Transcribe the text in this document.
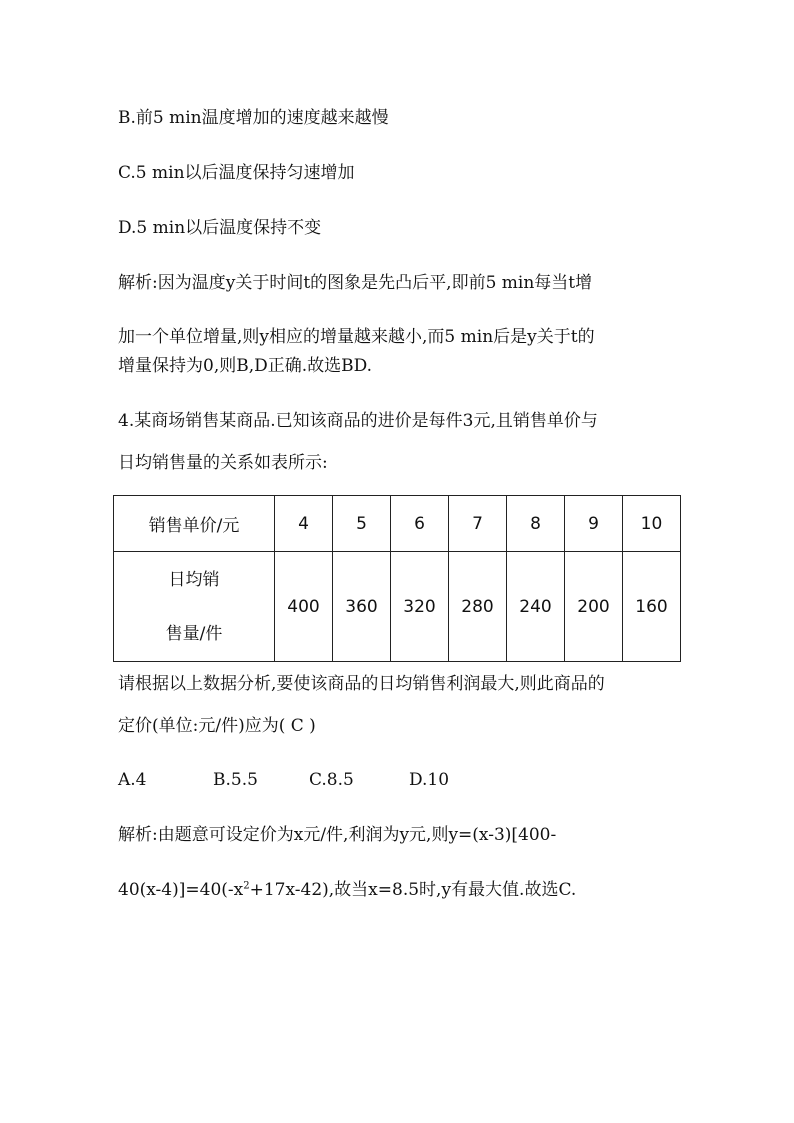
B.前5 min温度增加的速度越来越慢
C.5 min以后温度保持匀速增加
D.5 min以后温度保持不变
解析:因为温度y关于时间t的图象是先凸后平,即前5 min每当t增
加一个单位增量,则y相应的增量越来越小,而5 min后是y关于t的
增量保持为0,则B,D正确.故选BD.
4.某商场销售某商品.已知该商品的进价是每件3元,且销售单价与
日均销售量的关系如表所示:
销售单价/元	4	5	6	7	8	9	10

日均销
售量/件	400	360	320	280	240	200	160
请根据以上数据分析,要使该商品的日均销售利润最大,则此商品的
定价(单位:元/件)应为( C )
A.4	B.5.5	C.8.5	D.10
解析:由题意可设定价为x元/件,利润为y元,则y=(x-3)[400-
$40(x-4)]=40(-x^2+17x-42)$,故当x=8.5时,y有最大值.故选C.
